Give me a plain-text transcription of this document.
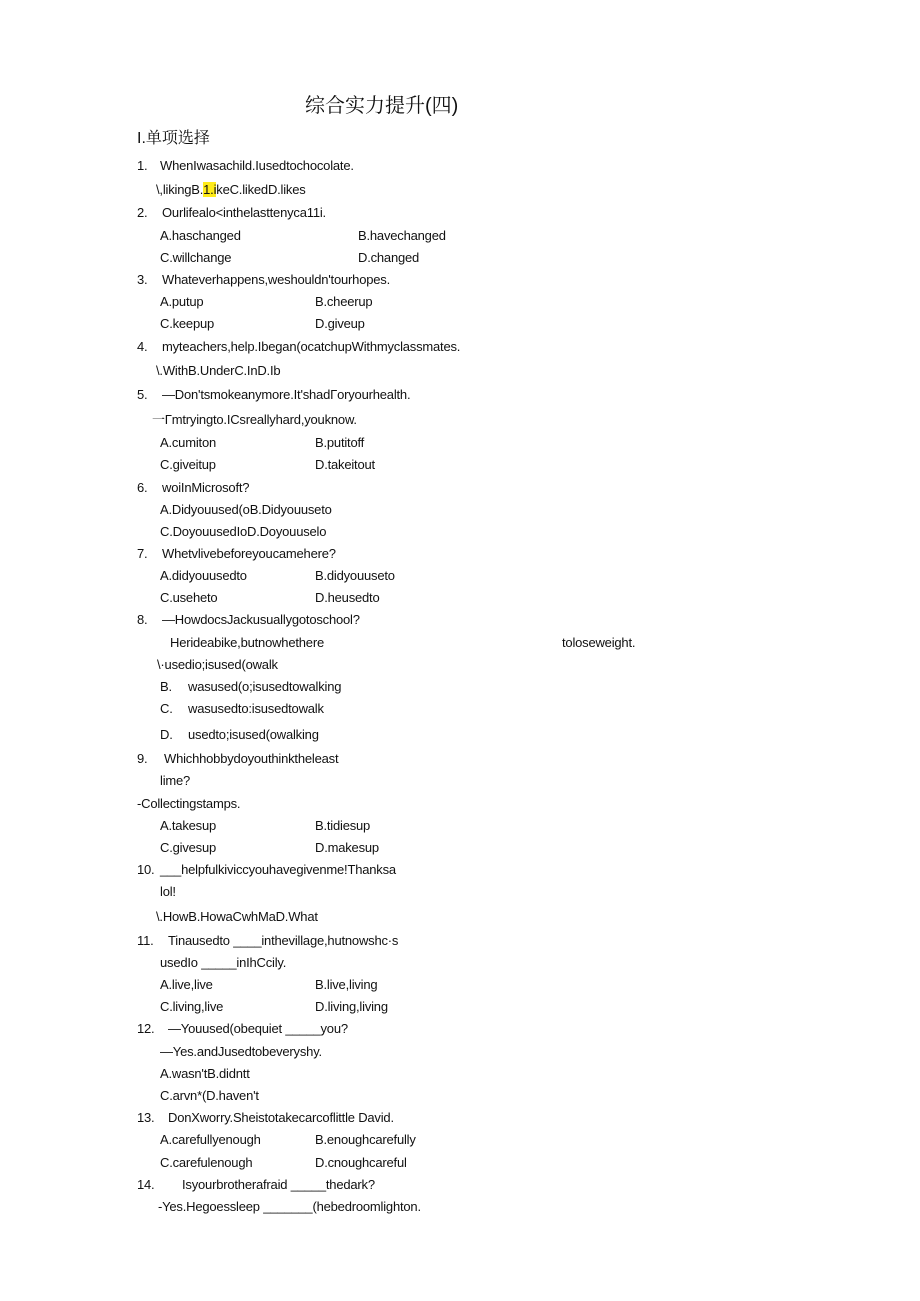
综合实力提升(四)
I.单项选择
1. WhenIwasachild.Iusedtochocolate.
\,likingB.1.ikeC.likedD.likes
2. Ourlifealo<inthelasttenyca11i.
A.haschanged	B.havechanged
C.willchange	D.changed
3. Whateverhappens,weshouldn'tourhopes.
A.putup	B.cheerup
C.keepup	D.giveup
4. myteachers,help.Ibegan(ocatchupWithmyclassmates.
\.WithB.UnderC.InD.Ib
5. —Don'tsmokeanymore.It'shadΓoryourhealth.
一Γmtryingto.ICsreallyhard,youknow.
A.cumiton	B.putitoff
C.giveitup	D.takeitout
6. woiInMicrosoft?
A.Didyouused(oB.Didyouuseto
C.DoyouusedIoD.Doyouuselo
7. Whetvlivebeforeyoucamehere?
A.didyouusedto	B.didyouuseto
C.useheto	D.heusedto
8. —HowdocsJackusuallygotoschool?
Herideabike,butnowhethere	toloseweight.
\·usedio;isused(owalk
B. wasused(o;isusedtowalking
C. wasusedto:isusedtowalk
D. usedto;isused(owalking
9. Whichhobbydoyouthinktheleast
lime?
-Collectingstamps.
A.takesup	B.tidiesup
C.givesup	D.makesup
10. ___helpfulkiviccyouhavegivenme!Thanksa
lol!
\.HowB.HowaCwhMaD.What
11. Tinausedto ____inthevillage,hutnowshc·s
usedIo _____inIhCcily.
A.live,live	B.live,living
C.living,live	D.living,living
12. —Youused(obequiet _____you?
—Yes.andJusedtobeveryshy.
A.wasn'tB.didntt
C.arvn*(D.haven't
13. DonXworry.Sheistotakecarcoflittle David.
A.carefullyenough	B.enoughcarefully
C.carefulenough	D.cnoughcareful
14. Isyourbrotherafraid _____thedark?
-Yes.Hegoessleep _______(hebedroomlighton.
